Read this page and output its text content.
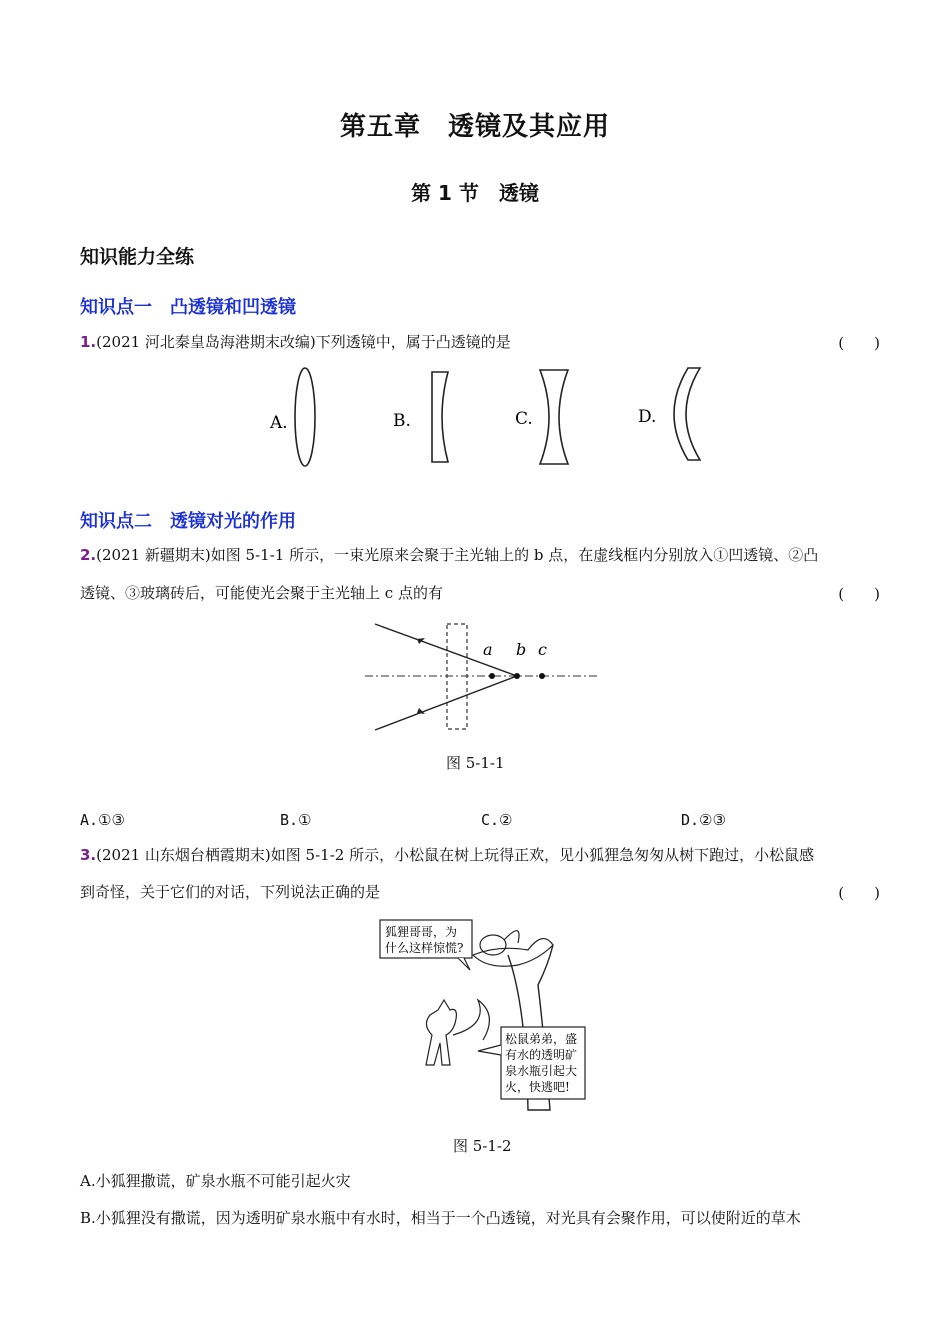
第五章　透镜及其应用
第 1 节　透镜
知识能力全练
知识点一　凸透镜和凹透镜
1.(2021 河北秦皇岛海港期末改编)下列透镜中，属于凸透镜的是	(　　)
A.	B.	C.	D.
知识点二　透镜对光的作用
2.(2021 新疆期末)如图 5-1-1 所示，一束光原来会聚于主光轴上的 b 点，在虚线框内分别放入①凹透镜、②凸
透镜、③玻璃砖后，可能使光会聚于主光轴上 c 点的有	(　　)
a b c
图 5-1-1
A.①③	B.①	C.②	D.②③
3.(2021 山东烟台栖霞期末)如图 5-1-2 所示，小松鼠在树上玩得正欢，见小狐狸急匆匆从树下跑过，小松鼠感
到奇怪，关于它们的对话，下列说法正确的是	(　　)
狐狸哥哥，为
什么这样惊慌?
松鼠弟弟，盛
有水的透明矿
泉水瓶引起大
火，快逃吧!
图 5-1-2
A.小狐狸撒谎，矿泉水瓶不可能引起火灾
B.小狐狸没有撒谎，因为透明矿泉水瓶中有水时，相当于一个凸透镜，对光具有会聚作用，可以使附近的草木
